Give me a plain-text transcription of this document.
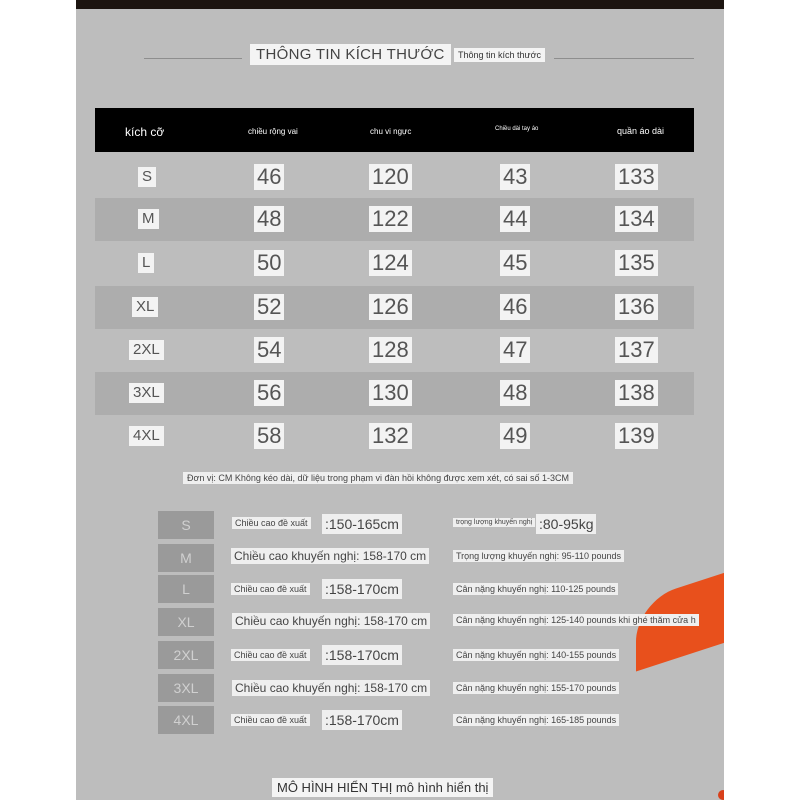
THÔNG TIN KÍCH THƯỚC	Thông tin kích thước
kích cỡ	chiều rộng vai	chu vi ngực	Chiều dài tay áo	quần áo dài
S	46	120	43	133
M	48	122	44	134
L	50	124	45	135
XL	52	126	46	136
2XL	54	128	47	137
3XL	56	130	48	138
4XL	58	132	49	139
Đơn vị: CM Không kéo dài, dữ liệu trong phạm vi đàn hồi không được xem xét, có sai số 1-3CM
S	Chiều cao đề xuất :150-165cm	trọng lượng khuyến nghị :80-95kg
M	Chiều cao khuyến nghị: 158-170 cm	Trọng lượng khuyến nghị: 95-110 pounds
L	Chiều cao đề xuất :158-170cm	Cân nặng khuyến nghị: 110-125 pounds
XL	Chiều cao khuyến nghị: 158-170 cm	Cân nặng khuyến nghị: 125-140 pounds khi ghé thăm cửa h
2XL	Chiều cao đề xuất :158-170cm	Cân nặng khuyến nghị: 140-155 pounds
3XL	Chiều cao khuyến nghị: 158-170 cm	Cân nặng khuyến nghị: 155-170 pounds
4XL	Chiều cao đề xuất :158-170cm	Cân nặng khuyến nghị: 165-185 pounds
MÔ HÌNH HIỂN THỊ mô hình hiển thị
